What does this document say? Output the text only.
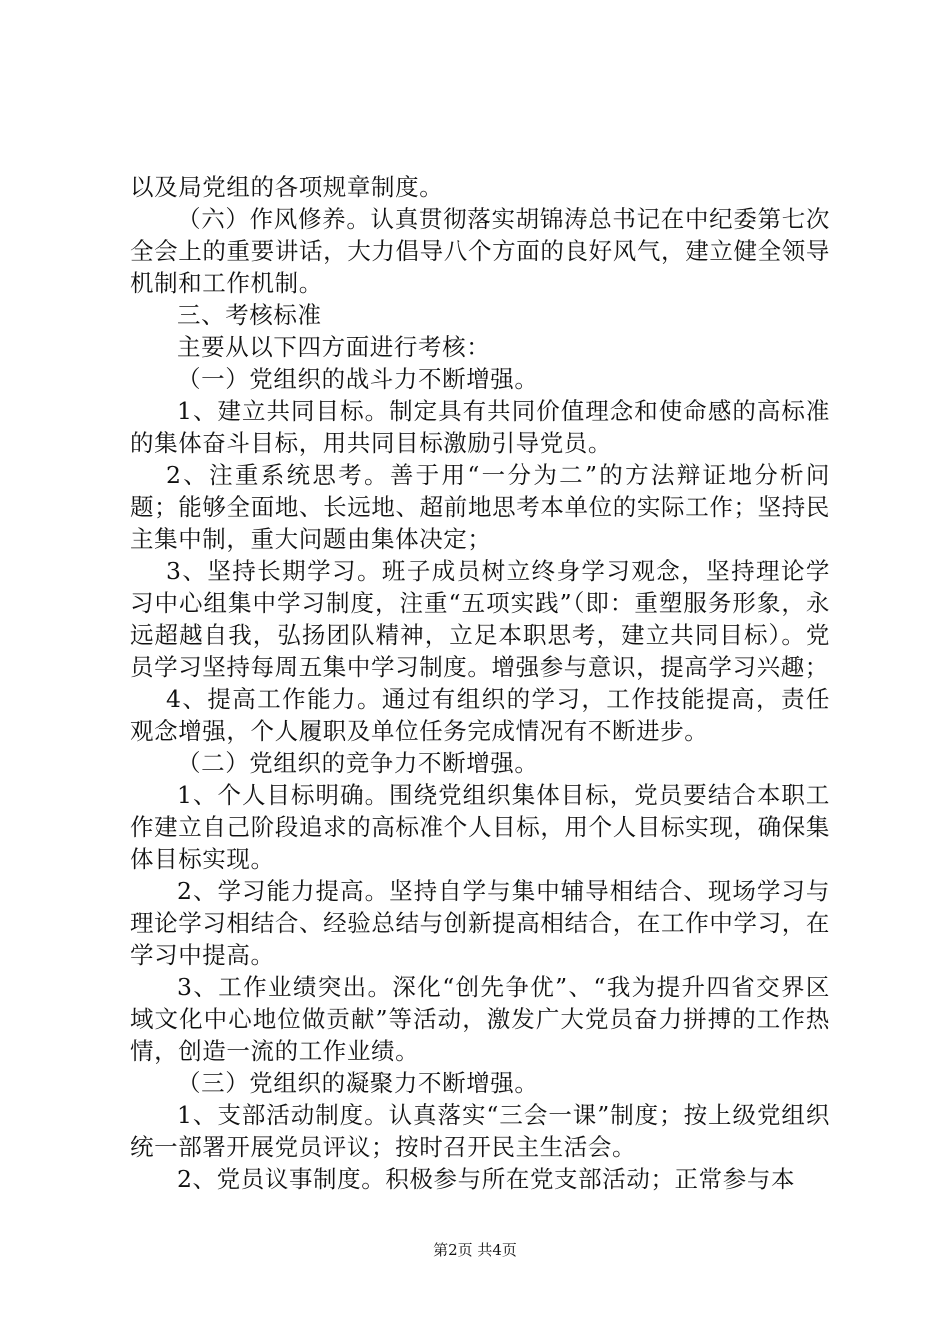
以及局党组的各项规章制度。

（六）作风修养。认真贯彻落实胡锦涛总书记在中纪委第七次全会上的重要讲话，大力倡导八个方面的良好风气，建立健全领导机制和工作机制。

三、考核标准

主要从以下四方面进行考核：

（一）党组织的战斗力不断增强。

1、建立共同目标。制定具有共同价值理念和使命感的高标准的集体奋斗目标，用共同目标激励引导党员。

2、注重系统思考。善于用“一分为二”的方法辩证地分析问题；能够全面地、长远地、超前地思考本单位的实际工作；坚持民主集中制，重大问题由集体决定；

3、坚持长期学习。班子成员树立终身学习观念，坚持理论学习中心组集中学习制度，注重“五项实践”（即：重塑服务形象，永远超越自我，弘扬团队精神，立足本职思考，建立共同目标）。党员学习坚持每周五集中学习制度。增强参与意识，提高学习兴趣；

4、提高工作能力。通过有组织的学习，工作技能提高，责任观念增强，个人履职及单位任务完成情况有不断进步。

（二）党组织的竞争力不断增强。

1、个人目标明确。围绕党组织集体目标，党员要结合本职工作建立自己阶段追求的高标准个人目标，用个人目标实现，确保集体目标实现。

2、学习能力提高。坚持自学与集中辅导相结合、现场学习与理论学习相结合、经验总结与创新提高相结合，在工作中学习，在学习中提高。

3、工作业绩突出。深化“创先争优”、“我为提升四省交界区域文化中心地位做贡献”等活动，激发广大党员奋力拼搏的工作热情，创造一流的工作业绩。

（三）党组织的凝聚力不断增强。

1、支部活动制度。认真落实“三会一课”制度；按上级党组织统一部署开展党员评议；按时召开民主生活会。

2、党员议事制度。积极参与所在党支部活动；正常参与本

第2页 共4页
